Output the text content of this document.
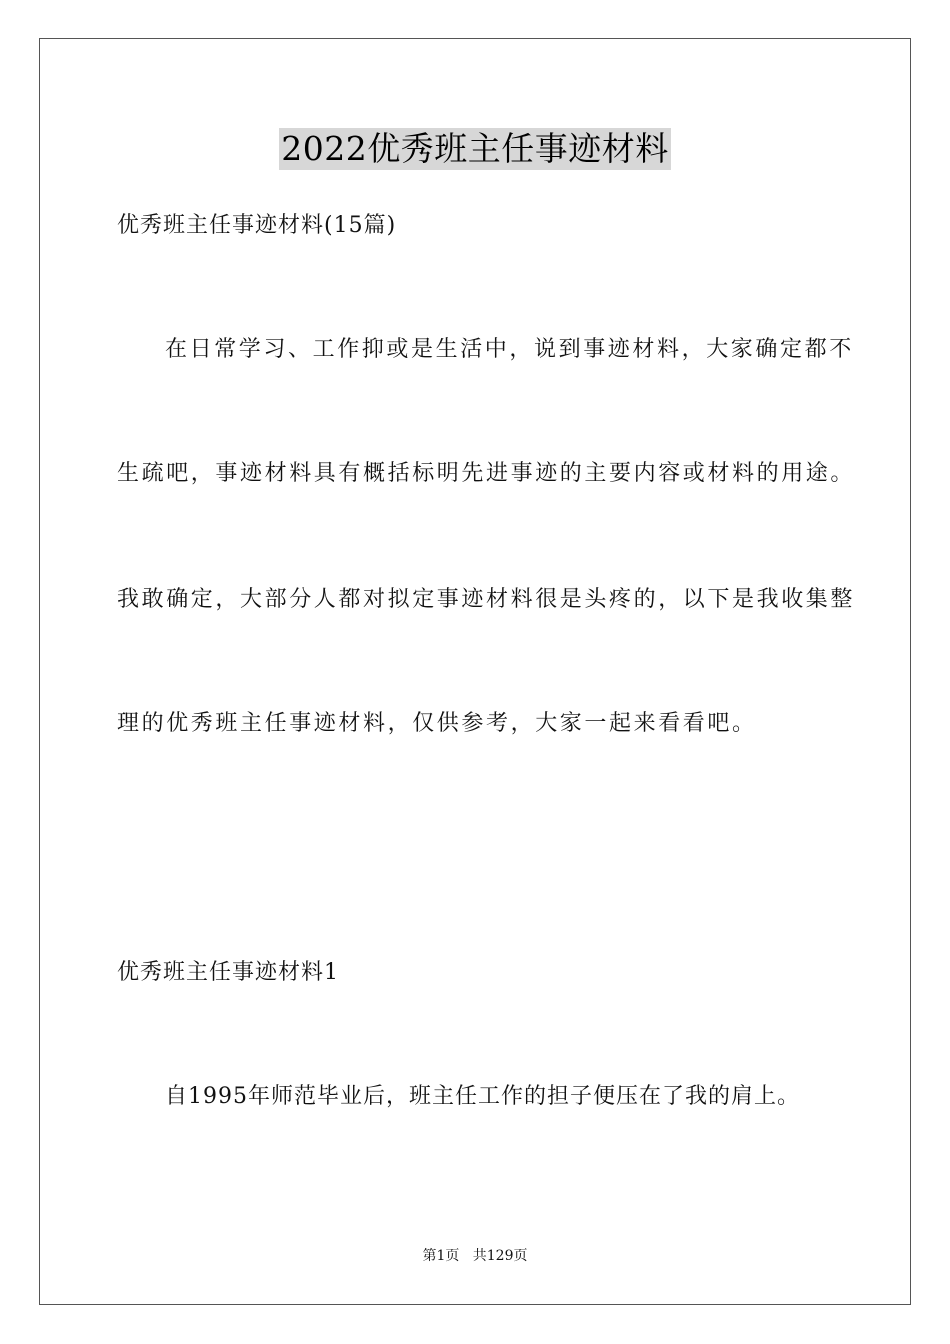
2022优秀班主任事迹材料
优秀班主任事迹材料(15篇)
在日常学习、工作抑或是生活中，说到事迹材料，大家确定都不
生疏吧，事迹材料具有概括标明先进事迹的主要内容或材料的用途。
我敢确定，大部分人都对拟定事迹材料很是头疼的，以下是我收集整
理的优秀班主任事迹材料，仅供参考，大家一起来看看吧。
优秀班主任事迹材料1
自1995年师范毕业后，班主任工作的担子便压在了我的肩上。
第1页   共129页
